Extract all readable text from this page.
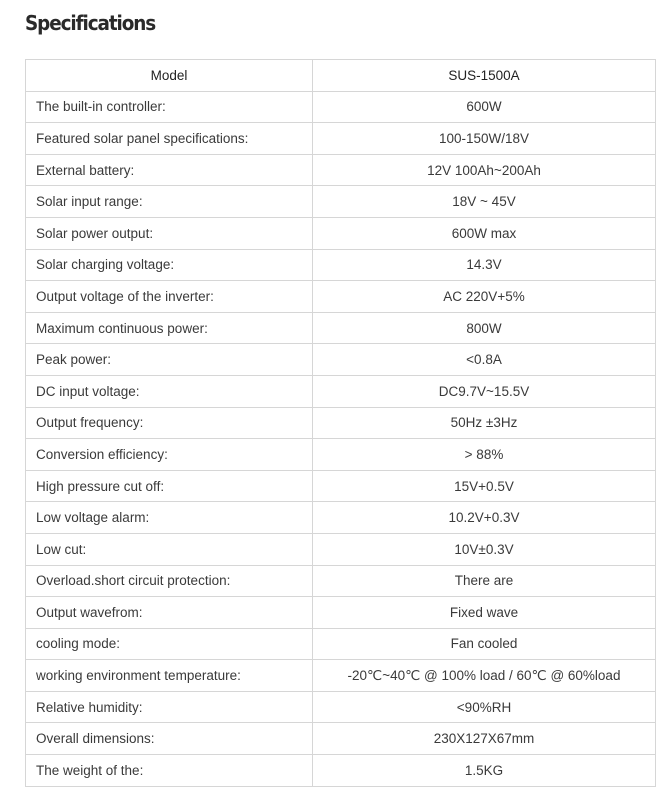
Specifications
Model	SUS-1500A
The built-in controller:	600W
Featured solar panel specifications:	100-150W/18V
External battery:	12V 100Ah~200Ah
Solar input range:	18V ~ 45V
Solar power output:	600W max
Solar charging voltage:	14.3V
Output voltage of the inverter:	AC 220V+5%
Maximum continuous power:	800W
Peak power:	<0.8A
DC input voltage:	DC9.7V~15.5V
Output frequency:	50Hz ±3Hz
Conversion efficiency:	> 88%
High pressure cut off:	15V+0.5V
Low voltage alarm:	10.2V+0.3V
Low cut:	10V±0.3V
Overload.short circuit protection:	There are
Output wavefrom:	Fixed wave
cooling mode:	Fan cooled
working environment temperature:	-20℃~40℃ @ 100% load / 60℃ @ 60%load
Relative humidity:	<90%RH
Overall dimensions:	230X127X67mm
The weight of the:	1.5KG
